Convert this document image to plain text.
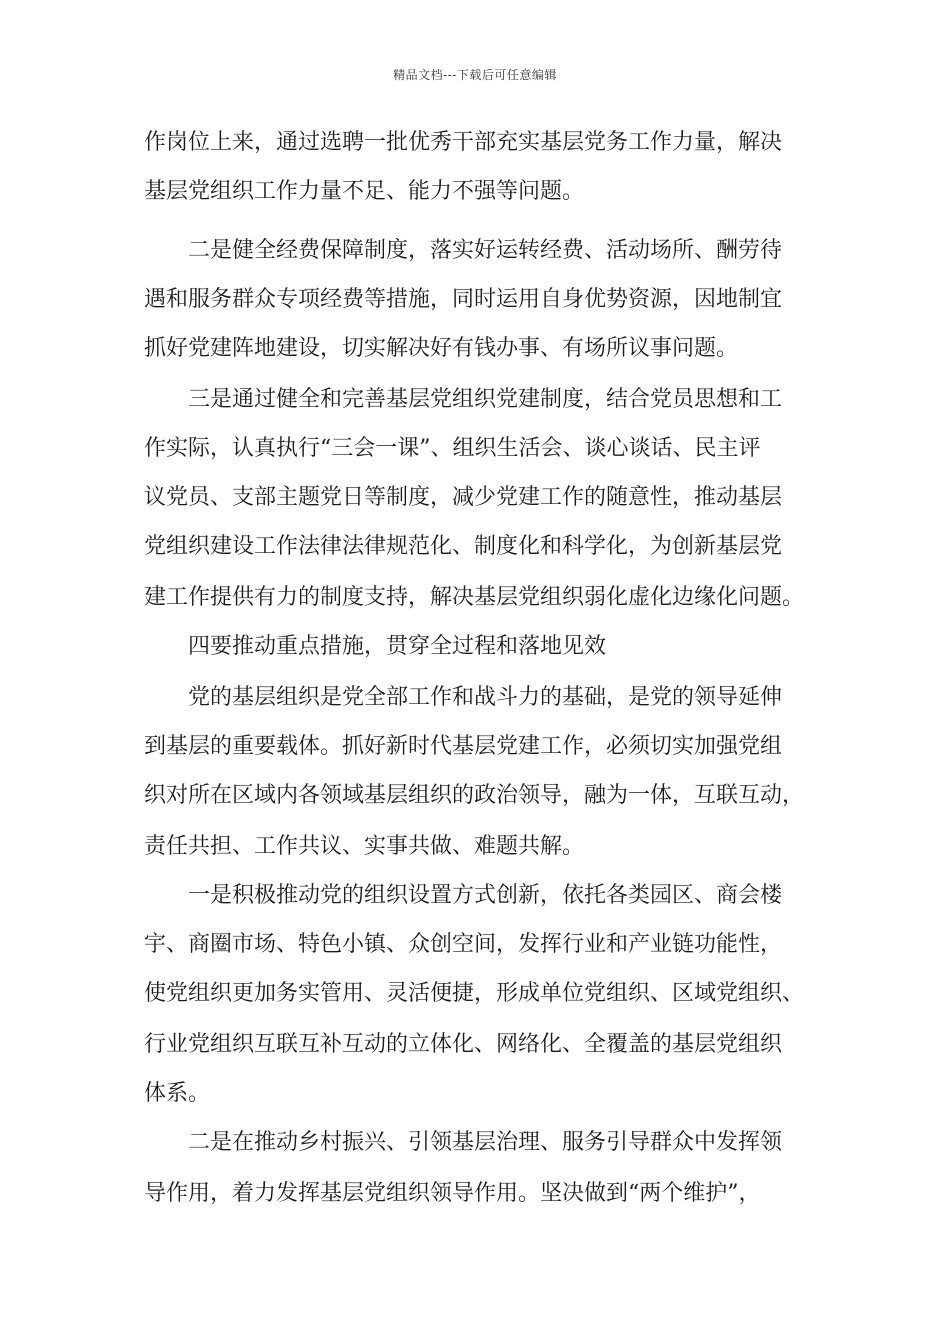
精品文档---下载后可任意编辑
作岗位上来，通过选聘一批优秀干部充实基层党务工作力量，解决
基层党组织工作力量不足、能力不强等问题。
二是健全经费保障制度，落实好运转经费、活动场所、酬劳待
遇和服务群众专项经费等措施，同时运用自身优势资源，因地制宜
抓好党建阵地建设，切实解决好有钱办事、有场所议事问题。
三是通过健全和完善基层党组织党建制度，结合党员思想和工
作实际，认真执行“三会一课”、组织生活会、谈心谈话、民主评
议党员、支部主题党日等制度，减少党建工作的随意性，推动基层
党组织建设工作法律法律规范化、制度化和科学化，为创新基层党
建工作提供有力的制度支持，解决基层党组织弱化虚化边缘化问题。
四要推动重点措施，贯穿全过程和落地见效
党的基层组织是党全部工作和战斗力的基础，是党的领导延伸
到基层的重要载体。抓好新时代基层党建工作，必须切实加强党组
织对所在区域内各领域基层组织的政治领导，融为一体，互联互动，
责任共担、工作共议、实事共做、难题共解。
一是积极推动党的组织设置方式创新，依托各类园区、商会楼
宇、商圈市场、特色小镇、众创空间，发挥行业和产业链功能性，
使党组织更加务实管用、灵活便捷，形成单位党组织、区域党组织、
行业党组织互联互补互动的立体化、网络化、全覆盖的基层党组织
体系。
二是在推动乡村振兴、引领基层治理、服务引导群众中发挥领
导作用，着力发挥基层党组织领导作用。坚决做到“两个维护”，
